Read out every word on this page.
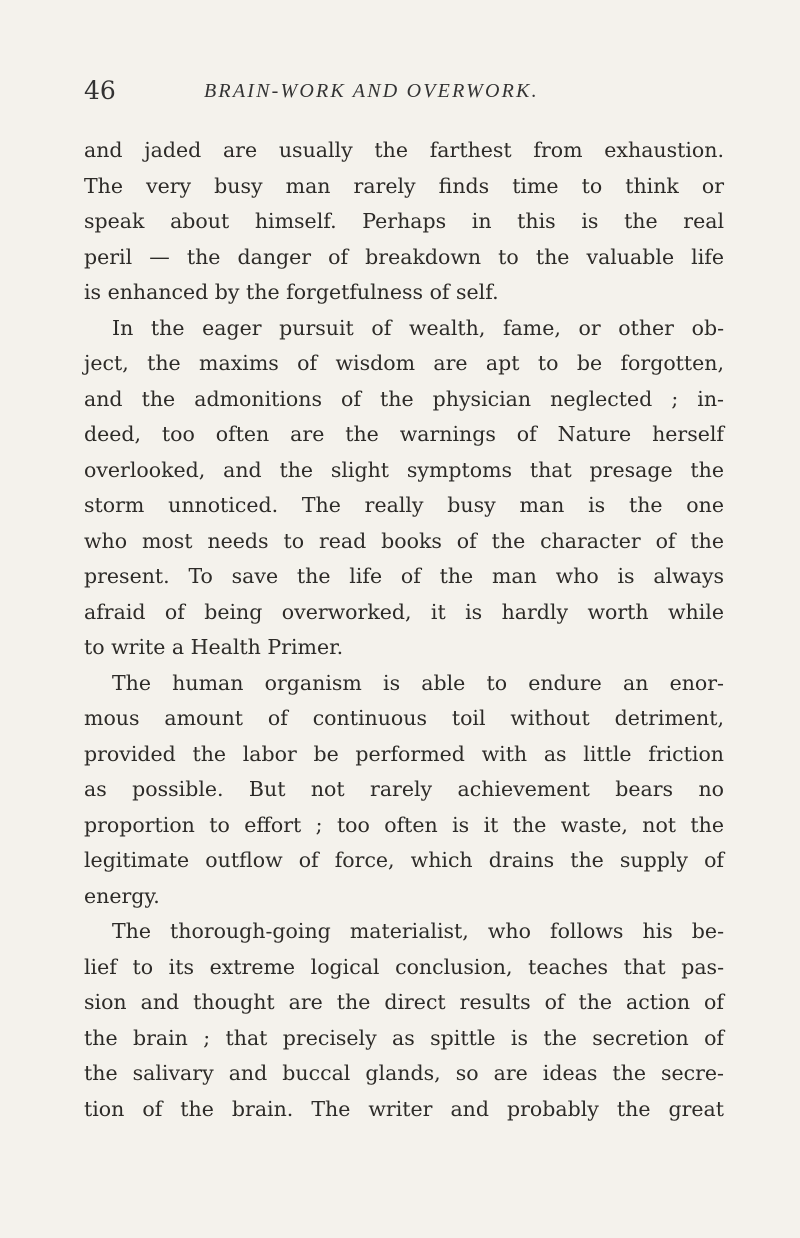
46	BRAIN-WORK AND OVERWORK.
and jaded are usually the farthest from exhaustion.
The very busy man rarely finds time to think or
speak about himself. Perhaps in this is the real
peril — the danger of breakdown to the valuable life
is enhanced by the forgetfulness of self.
In the eager pursuit of wealth, fame, or other ob-
ject, the maxims of wisdom are apt to be forgotten,
and the admonitions of the physician neglected ; in-
deed, too often are the warnings of Nature herself
overlooked, and the slight symptoms that presage the
storm unnoticed. The really busy man is the one
who most needs to read books of the character of the
present. To save the life of the man who is always
afraid of being overworked, it is hardly worth while
to write a Health Primer.
The human organism is able to endure an enor-
mous amount of continuous toil without detriment,
provided the labor be performed with as little friction
as possible. But not rarely achievement bears no
proportion to effort ; too often is it the waste, not the
legitimate outflow of force, which drains the supply of
energy.
The thorough-going materialist, who follows his be-
lief to its extreme logical conclusion, teaches that pas-
sion and thought are the direct results of the action of
the brain ; that precisely as spittle is the secretion of
the salivary and buccal glands, so are ideas the secre-
tion of the brain. The writer and probably the great
